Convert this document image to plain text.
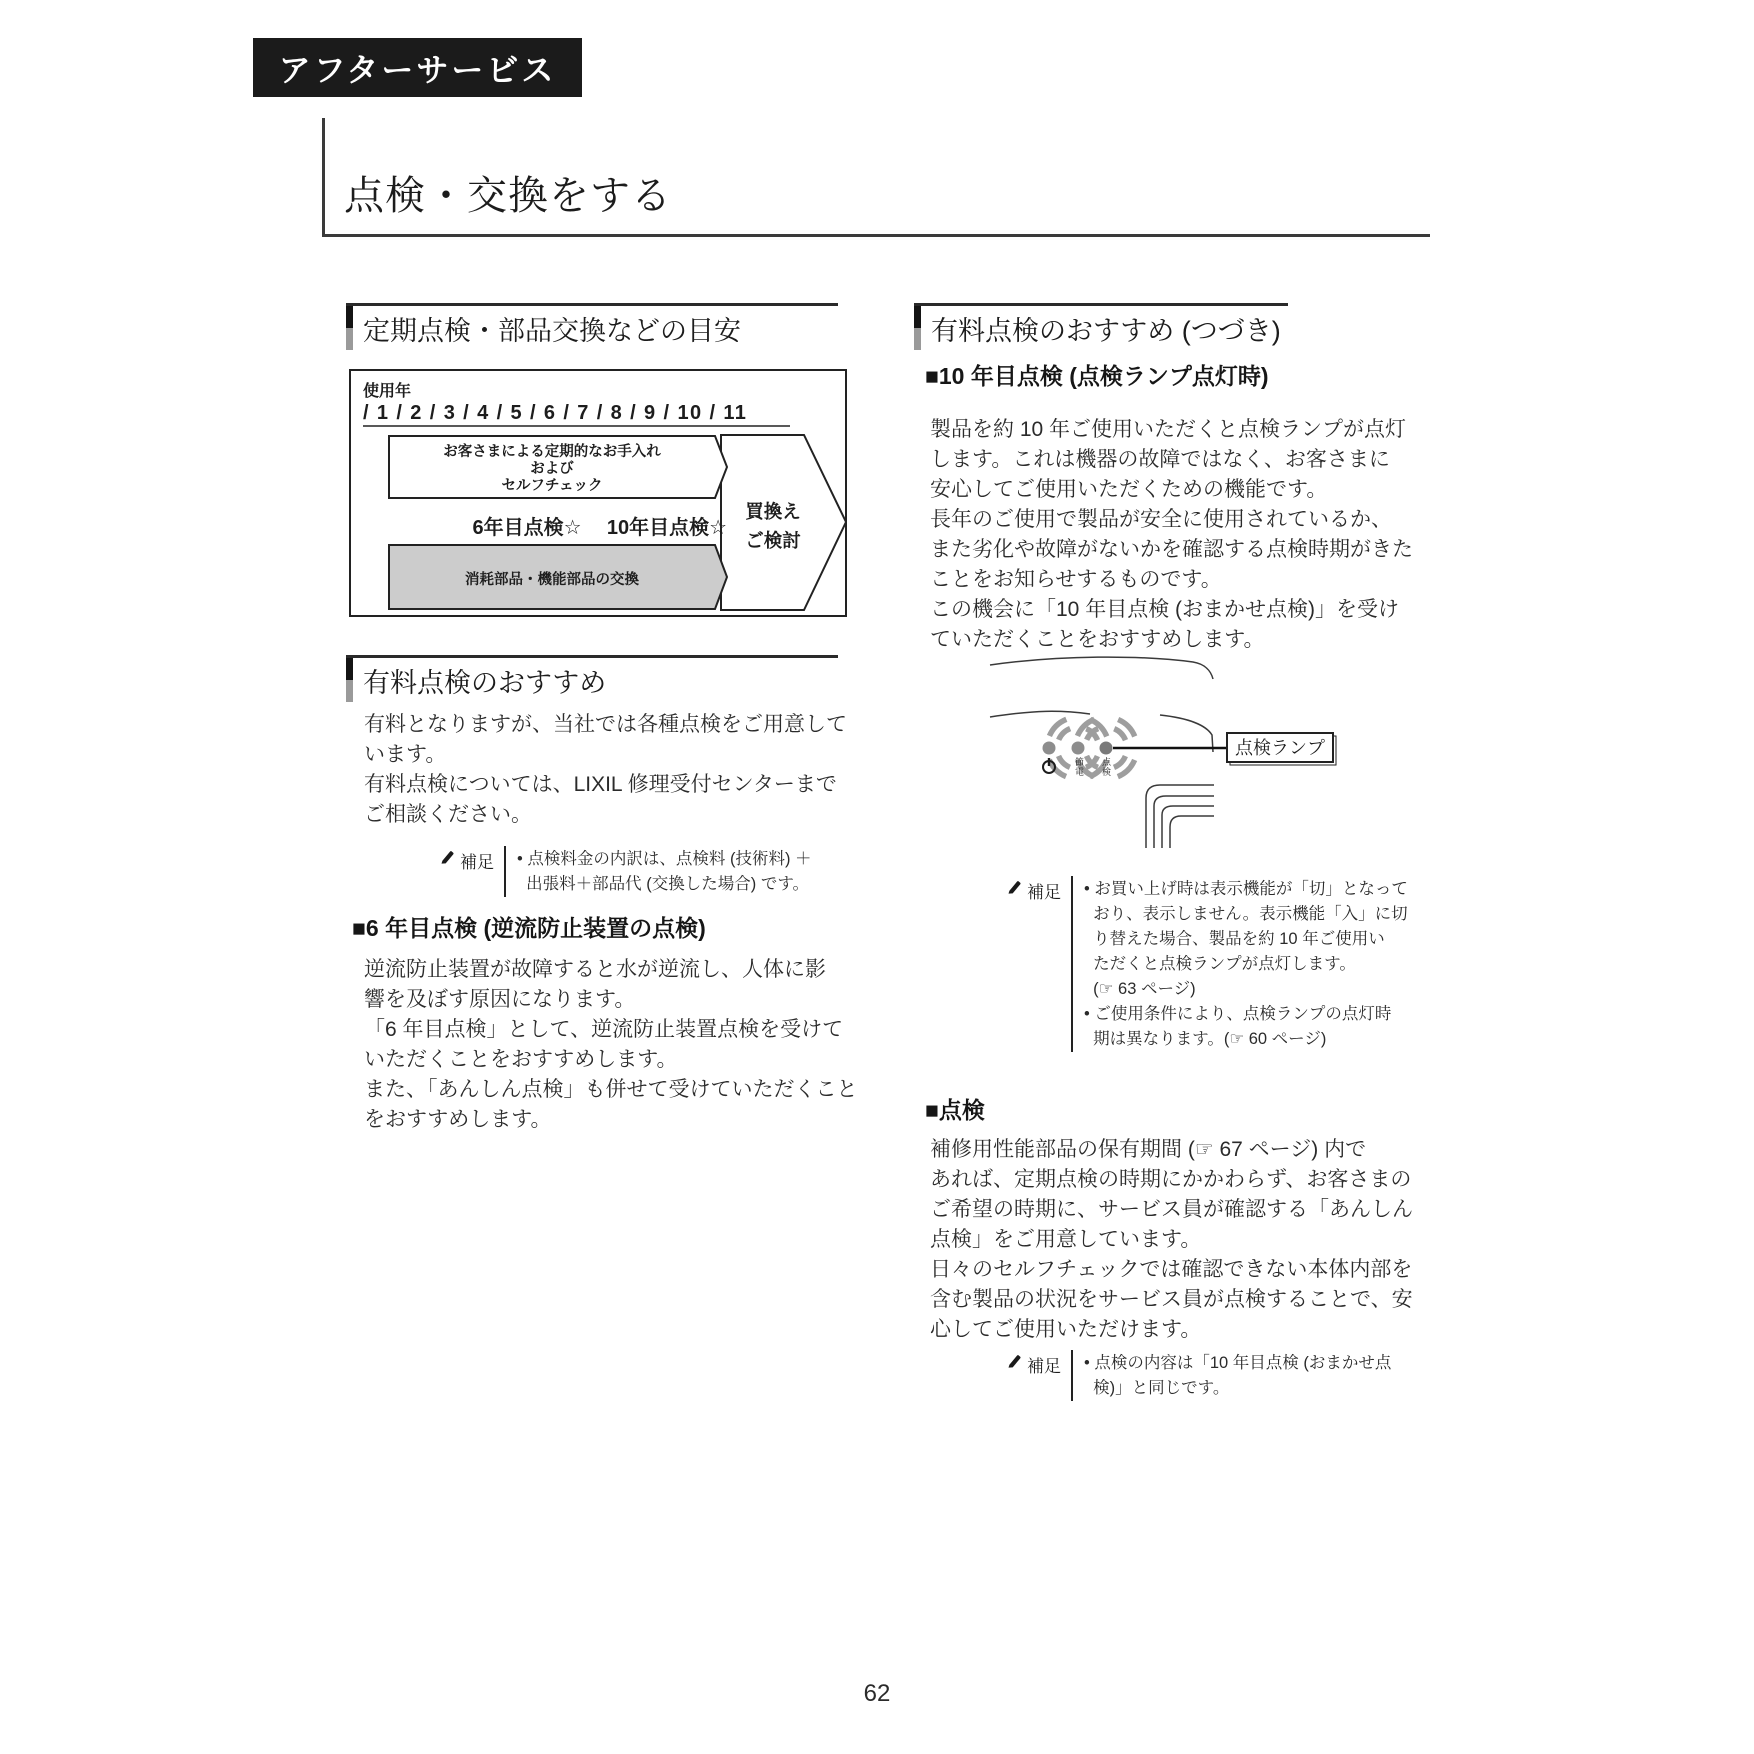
アフターサービス
点検・交換をする
定期点検・部品交換などの目安
使用年
/ 1 / 2 / 3 / 4 / 5 / 6 / 7 / 8 / 9 / 10 / 11
買換え
ご検討
お客さまによる定期的なお手入れ
および
セルフチェック
6年目点検☆ 10年目点検☆
消耗部品・機能部品の交換
有料点検のおすすめ
有料となりますが、当社では各種点検をご用意して
います。
有料点検については、LIXIL 修理受付センターまで
ご相談ください。
補足 • 点検料金の内訳は、点検料 (技術料) ＋
出張料＋部品代 (交換した場合) です。
■6 年目点検 (逆流防止装置の点検)
逆流防止装置が故障すると水が逆流し、人体に影
響を及ぼす原因になります。
「6 年目点検」として、逆流防止装置点検を受けて
いただくことをおすすめします。
また、「あんしん点検」も併せて受けていただくこと
をおすすめします。
有料点検のおすすめ (つづき)
■10 年目点検 (点検ランプ点灯時)
製品を約 10 年ご使用いただくと点検ランプが点灯
します。これは機器の故障ではなく、お客さまに
安心してご使用いただくための機能です。
長年のご使用で製品が安全に使用されているか、
また劣化や故障がないかを確認する点検時期がきた
ことをお知らせするものです。
この機会に「10 年目点検 (おまかせ点検)」を受け
ていただくことをおすすめします。
点検ランプ
節電 点検
補足 • お買い上げ時は表示機能が「切」となって
おり、表示しません。表示機能「入」に切
り替えた場合、製品を約 10 年ご使用い
ただくと点検ランプが点灯します。
(☞ 63 ページ)
• ご使用条件により、点検ランプの点灯時
期は異なります。(☞ 60 ページ)
■点検
補修用性能部品の保有期間 (☞ 67 ページ) 内で
あれば、定期点検の時期にかかわらず、お客さまの
ご希望の時期に、サービス員が確認する「あんしん
点検」をご用意しています。
日々のセルフチェックでは確認できない本体内部を
含む製品の状況をサービス員が点検することで、安
心してご使用いただけます。
補足 • 点検の内容は「10 年目点検 (おまかせ点
検)」と同じです。
62
